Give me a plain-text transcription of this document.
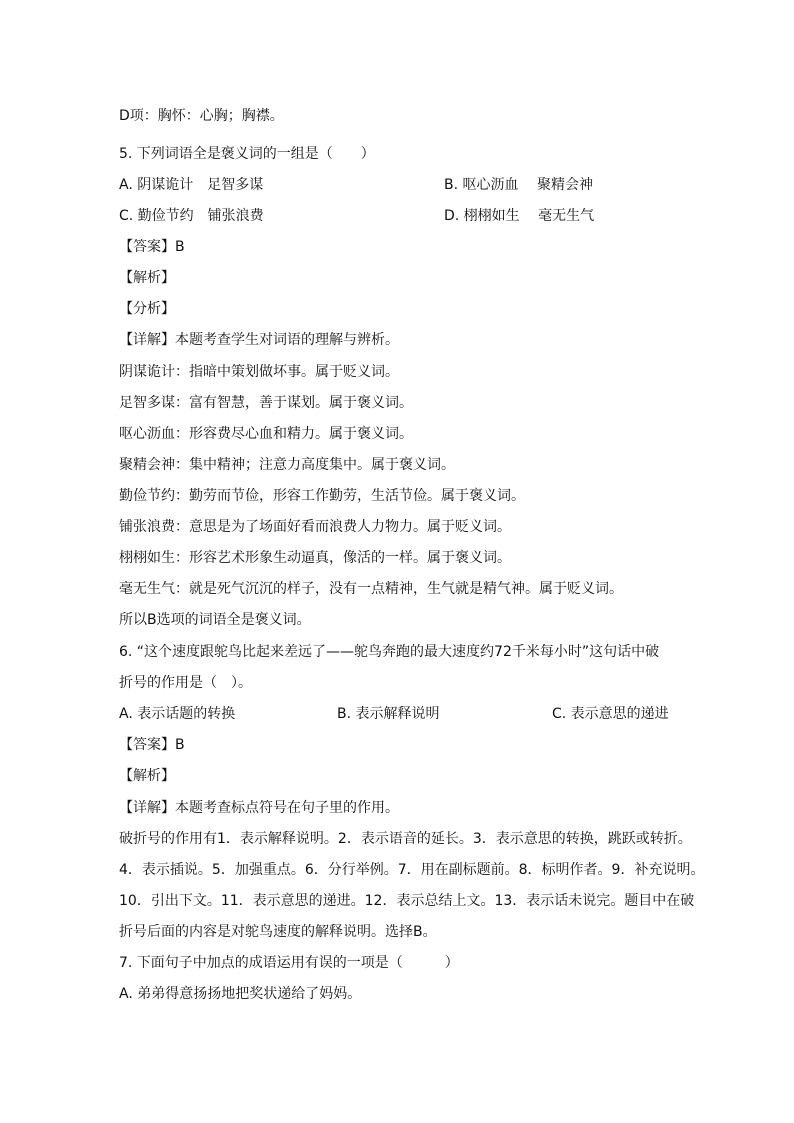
D项：胸怀：心胸；胸襟。

5. 下列词语全是褒义词的一组是（　　）

A. 阴谋诡计　足智多谋	B. 呕心沥血　 聚精会神
C. 勤俭节约　铺张浪费	D. 栩栩如生　 毫无生气

【答案】B

【解析】

【分析】

【详解】本题考查学生对词语的理解与辨析。

阴谋诡计：指暗中策划做坏事。属于贬义词。

足智多谋：富有智慧，善于谋划。属于褒义词。

呕心沥血：形容费尽心血和精力。属于褒义词。

聚精会神：集中精神；注意力高度集中。属于褒义词。

勤俭节约：勤劳而节俭，形容工作勤劳，生活节俭。属于褒义词。

铺张浪费：意思是为了场面好看而浪费人力物力。属于贬义词。

栩栩如生：形容艺术形象生动逼真，像活的一样。属于褒义词。

毫无生气：就是死气沉沉的样子，没有一点精神，生气就是精气神。属于贬义词。

所以B选项的词语全是褒义词。

6. “这个速度跟鸵鸟比起来差远了——鸵鸟奔跑的最大速度约72千米每小时”这句话中破

折号的作用是（　）。

A. 表示话题的转换	B. 表示解释说明	C. 表示意思的递进

【答案】B

【解析】

【详解】本题考查标点符号在句子里的作用。

破折号的作用有1．表示解释说明。2．表示语音的延长。3．表示意思的转换，跳跃或转折。

4．表示插说。5．加强重点。6．分行举例。7．用在副标题前。8．标明作者。9．补充说明。

10．引出下文。11．表示意思的递进。12．表示总结上文。13．表示话未说完。题目中在破

折号后面的内容是对鸵鸟速度的解释说明。选择B。

7. 下面句子中加点的成语运用有误的一项是（　　　）

A. 弟弟得意扬扬地把奖状递给了妈妈。
